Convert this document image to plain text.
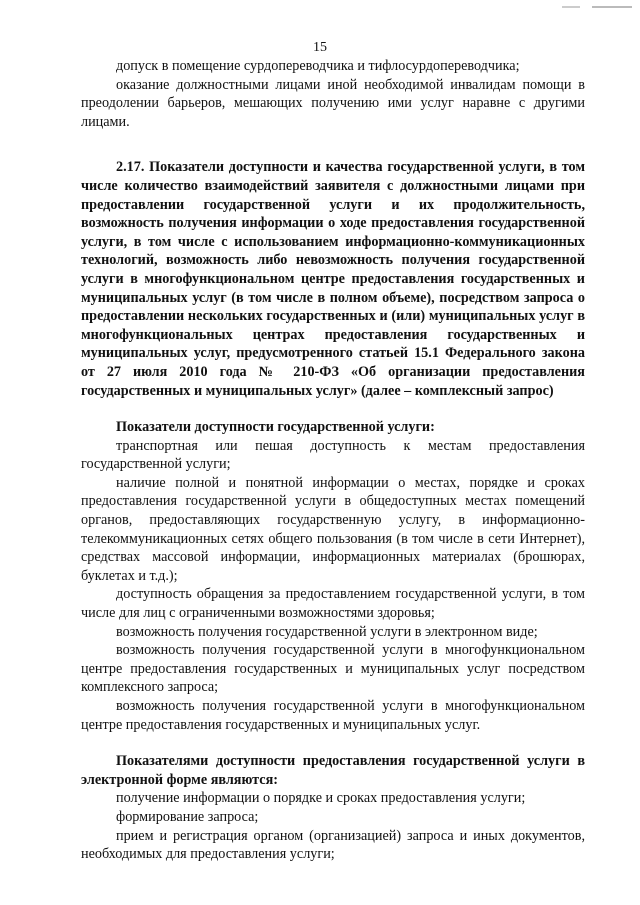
15

допуск в помещение сурдопереводчика и тифлосурдопереводчика;

оказание должностными лицами иной необходимой инвалидам помощи в преодолении барьеров, мешающих получению ими услуг наравне с другими лицами.

2.17. Показатели доступности и качества государственной услуги, в том числе количество взаимодействий заявителя с должностными лицами при предоставлении государственной услуги и их продолжительность, возможность получения информации о ходе предоставления государственной услуги, в том числе с использованием информационно-коммуникационных технологий, возможность либо невозможность получения государственной услуги в многофункциональном центре предоставления государственных и муниципальных услуг (в том числе в полном объеме), посредством запроса о предоставлении нескольких государственных и (или) муниципальных услуг в многофункциональных центрах предоставления государственных и муниципальных услуг, предусмотренного статьей 15.1 Федерального закона от 27 июля 2010 года № 210-ФЗ «Об организации предоставления государственных и муниципальных услуг» (далее – комплексный запрос)

Показатели доступности государственной услуги:

транспортная или пешая доступность к местам предоставления государственной услуги;

наличие полной и понятной информации о местах, порядке и сроках предоставления государственной услуги в общедоступных местах помещений органов, предоставляющих государственную услугу, в информационно-телекоммуникационных сетях общего пользования (в том числе в сети Интернет), средствах массовой информации, информационных материалах (брошюрах, буклетах и т.д.);

доступность обращения за предоставлением государственной услуги, в том числе для лиц с ограниченными возможностями здоровья;

возможность получения государственной услуги в электронном виде;

возможность получения государственной услуги в многофункциональном центре предоставления государственных и муниципальных услуг посредством комплексного запроса;

возможность получения государственной услуги в многофункциональном центре предоставления государственных и муниципальных услуг.

Показателями доступности предоставления государственной услуги в электронной форме являются:

получение информации о порядке и сроках предоставления услуги;

формирование запроса;

прием и регистрация органом (организацией) запроса и иных документов, необходимых для предоставления услуги;
